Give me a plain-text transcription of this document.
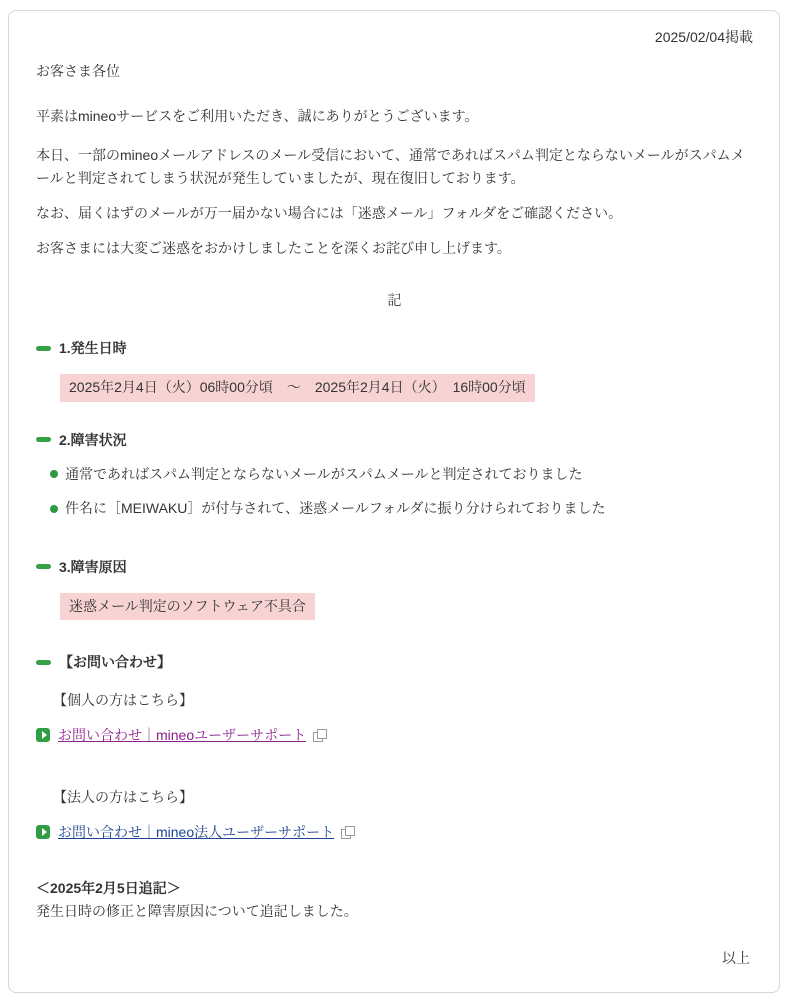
2025/02/04掲載
お客さま各位

平素はmineoサービスをご利用いただき、誠にありがとうございます。

本日、一部のmineoメールアドレスのメール受信において、通常であればスパム判定とならないメールがスパムメールと判定されてしまう状況が発生していましたが、現在復旧しております。

なお、届くはずのメールが万一届かない場合には「迷惑メール」フォルダをご確認ください。

お客さまには大変ご迷惑をおかけしましたことを深くお詫び申し上げます。

記
1.発生日時
2025年2月4日（火）06時00分頃　～　2025年2月4日（火）　16時00分頃
2.障害状況
通常であればスパム判定とならないメールがスパムメールと判定されておりました
件名に［MEIWAKU］が付与されて、迷惑メールフォルダに振り分けられておりました
3.障害原因
迷惑メール判定のソフトウェア不具合
【お問い合わせ】
【個人の方はこちら】
お問い合わせ｜mineoユーザーサポート
【法人の方はこちら】
お問い合わせ｜mineo法人ユーザーサポート
＜2025年2月5日追記＞
発生日時の修正と障害原因について追記しました。
以上
